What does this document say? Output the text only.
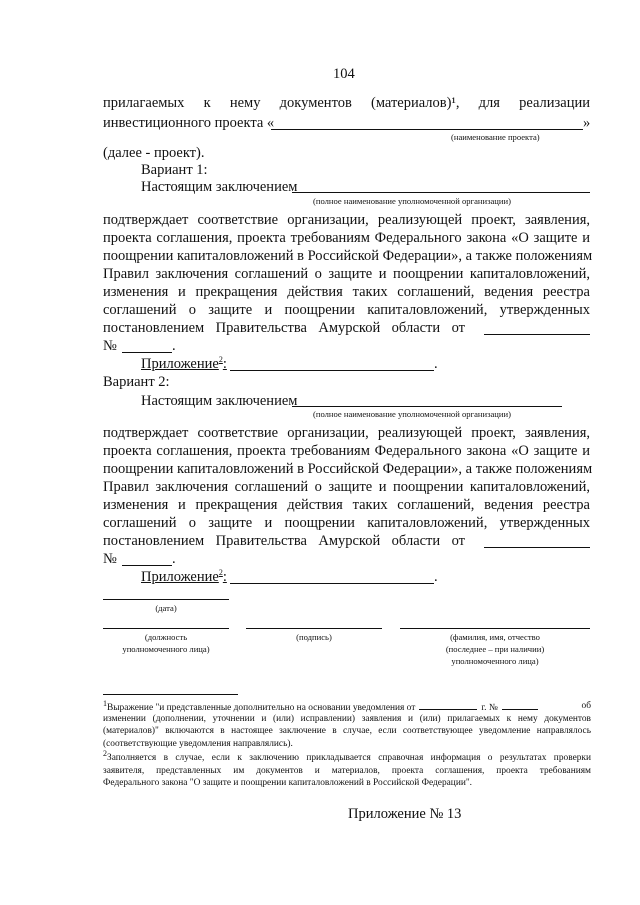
104
прилагаемых к нему документов (материалов)¹, для реализации
инвестиционного проекта «	»
(наименование проекта)
(далее - проект).
Вариант 1:
Настоящим заключением
(полное наименование уполномоченной организации)
подтверждает соответствие организации, реализующей проект, заявления,
проекта соглашения, проекта требованиям Федерального закона «О защите и
поощрении капиталовложений в Российской Федерации», а также положениям
Правил заключения соглашений о защите и поощрении капиталовложений,
изменения и прекращения действия таких соглашений, ведения реестра
соглашений о защите и поощрении капиталовложений, утвержденных
постановлением Правительства Амурской области от
№	.
Приложение$^2$:	.
Вариант 2:
Настоящим заключением
(полное наименование уполномоченной организации)
подтверждает соответствие организации, реализующей проект, заявления,
проекта соглашения, проекта требованиям Федерального закона «О защите и
поощрении капиталовложений в Российской Федерации», а также положениям
Правил заключения соглашений о защите и поощрении капиталовложений,
изменения и прекращения действия таких соглашений, ведения реестра
соглашений о защите и поощрении капиталовложений, утвержденных
постановлением Правительства Амурской области от
№	.
Приложение$^2$:	.
(дата)
(должность
уполномоченного лица)
(подпись)	(фамилия, имя, отчество
(последнее – при наличии)
уполномоченного лица)
$^1$Выражение "и представленные дополнительно на основании уведомления от	г. №	об
изменении (дополнении, уточнении и (или) исправлении) заявления и (или) прилагаемых к нему документов
(материалов)" включаются в настоящее заключение в случае, если соответствующее уведомление направлялось
(соответствующие уведомления направлялись).
$^2$Заполняется в случае, если к заключению прикладывается справочная информация о результатах проверки
заявителя, представленных им документов и материалов, проекта соглашения, проекта требованиям
Федерального закона "О защите и поощрении капиталовложений в Российской Федерации".
Приложение № 13
